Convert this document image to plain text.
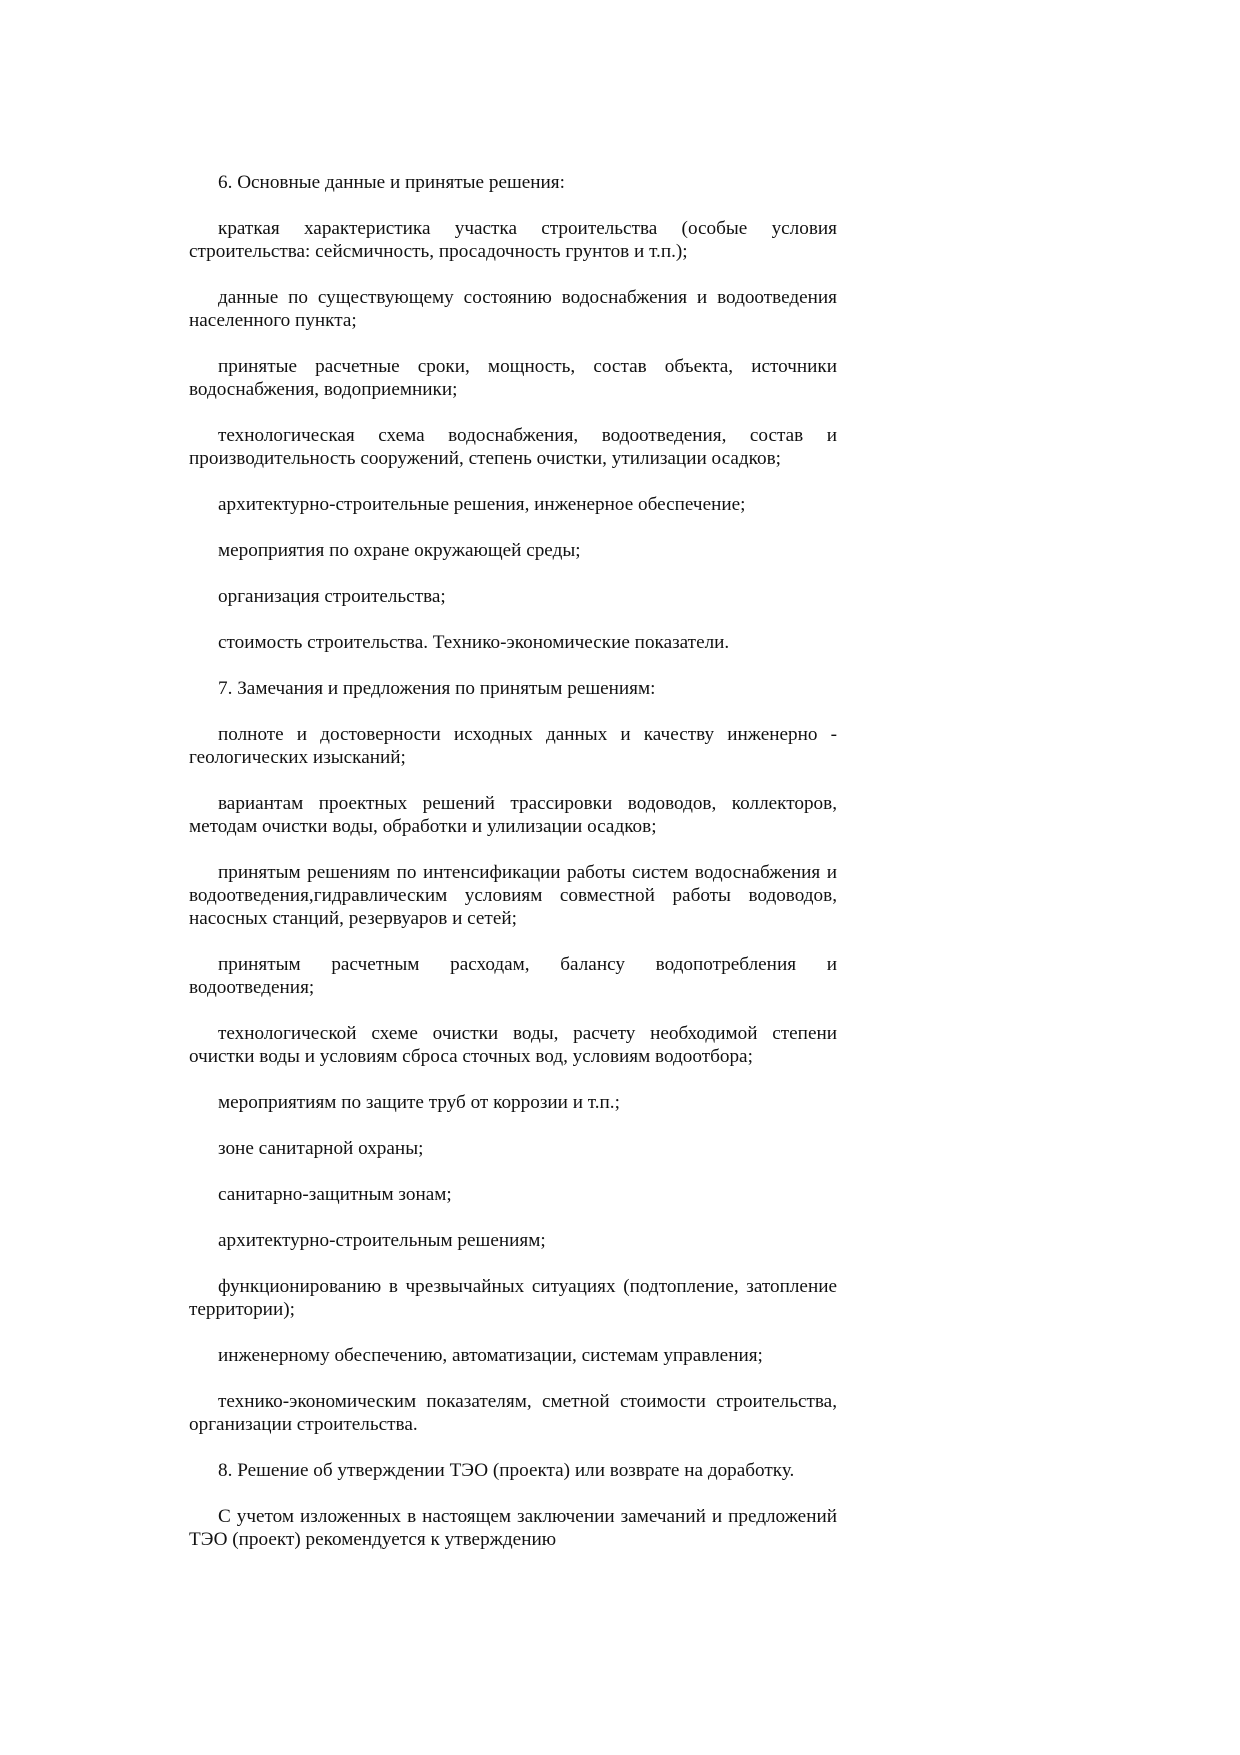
6. Основные данные и принятые решения:

краткая характеристика участка строительства (особые условия строительства: сейсмичность, просадочность грунтов и т.п.);

данные по существующему состоянию водоснабжения и водоотведения населенного пункта;

принятые расчетные сроки, мощность, состав объекта, источники водоснабжения, водоприемники;

технологическая схема водоснабжения, водоотведения, состав и производительность сооружений, степень очистки, утилизации осадков;

архитектурно-строительные решения, инженерное обеспечение;

мероприятия по охране окружающей среды;

организация строительства;

стоимость строительства. Технико-экономические показатели.

7. Замечания и предложения по принятым решениям:

полноте и достоверности исходных данных и качеству инженерно - геологических изысканий;

вариантам проектных решений трассировки водоводов, коллекторов, методам очистки воды, обработки и улилизации осадков;

принятым решениям по интенсификации работы систем водоснабжения и водоотведения,гидравлическим условиям совместной работы водоводов, насосных станций, резервуаров и сетей;

принятым расчетным расходам, балансу водопотребления и водоотведения;

технологической схеме очистки воды, расчету необходимой степени очистки воды и условиям сброса сточных вод, условиям водоотбора;

мероприятиям по защите труб от коррозии и т.п.;

зоне санитарной охраны;

санитарно-защитным зонам;

архитектурно-строительным решениям;

функционированию в чрезвычайных ситуациях (подтопление, затопление территории);

инженерному обеспечению, автоматизации, системам управления;

технико-экономическим показателям, сметной стоимости строительства, организации строительства.

8. Решение об утверждении ТЭО (проекта) или возврате на доработку.

С учетом изложенных в настоящем заключении замечаний и предложений ТЭО (проект) рекомендуется к утверждению
